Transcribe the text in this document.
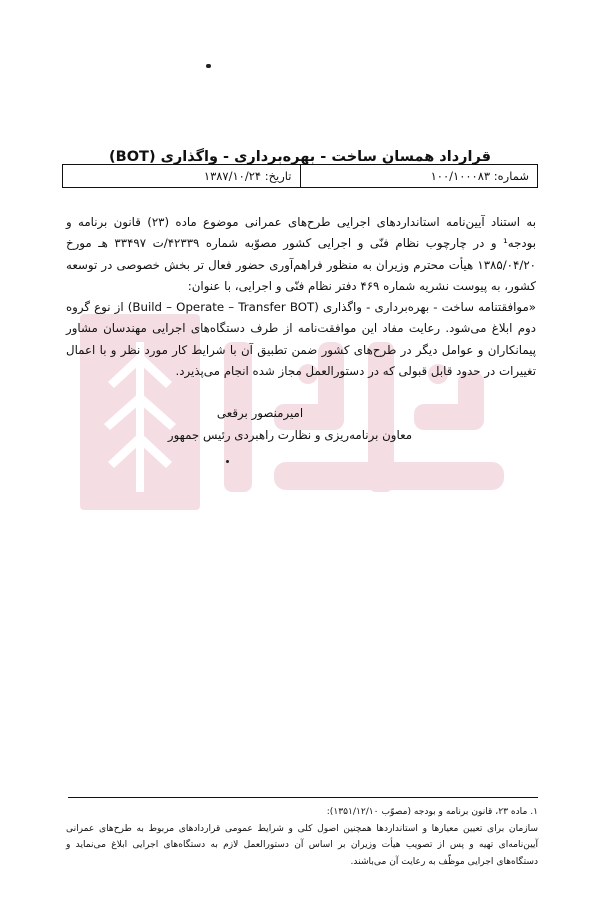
قرارداد همسان ساخت - بهره‌برداری - واگذاری (BOT)
شماره: ۱۰۰/۱۰۰۰۸۳
تاریخ: ۱۳۸۷/۱۰/۲۴

به استناد آیین‌نامه استانداردهای اجرایی طرح‌های عمرانی موضوع ماده (۲۳) قانون برنامه و بودجه¹ و در چارچوب نظام فنّی و اجرایی کشور مصوّبه شماره ۴۲۳۳۹/ت ۳۳۴۹۷ هـ مورخ ۱۳۸۵/۰۴/۲۰ هیأت محترم وزیران به منظور فراهم‌آوری حضور فعال تر بخش خصوصی در توسعه کشور، به پیوست نشریه شماره ۴۶۹ دفتر نظام فنّی و اجرایی، با عنوان:

«موافقتنامه ساخت - بهره‌برداری - واگذاری (Build – Operate – Transfer BOT) از نوع گروه دوم ابلاغ می‌شود. رعایت مفاد این موافقت‌نامه از طرف دستگاه‌های اجرایی مهندسان مشاور پیمانکاران و عوامل دیگر در طرح‌های کشور ضمن تطبیق آن با شرایط کار مورد نظر و با اعمال تغییرات در حدود قابل قبولی که در دستورالعمل مجاز شده انجام می‌پذیرد.

امیرمنصور برقعی
معاون برنامه‌ریزی و نظارت راهبردی رئیس جمهور

۱. ماده ۲۳، قانون برنامه و بودجه (مصوّب ۱۳۵۱/۱۲/۱۰):

سازمان برای تعیین معیارها و استانداردها همچنین اصول کلی و شرایط عمومی قراردادهای مربوط به طرح‌های عمرانی آیین‌نامه‌ای تهیه و پس از تصویب هیأت وزیران بر اساس آن دستورالعمل لازم به دستگاه‌های اجرایی ابلاغ می‌نماید و دستگاه‌های اجرایی موظّف به رعایت آن می‌باشند.
